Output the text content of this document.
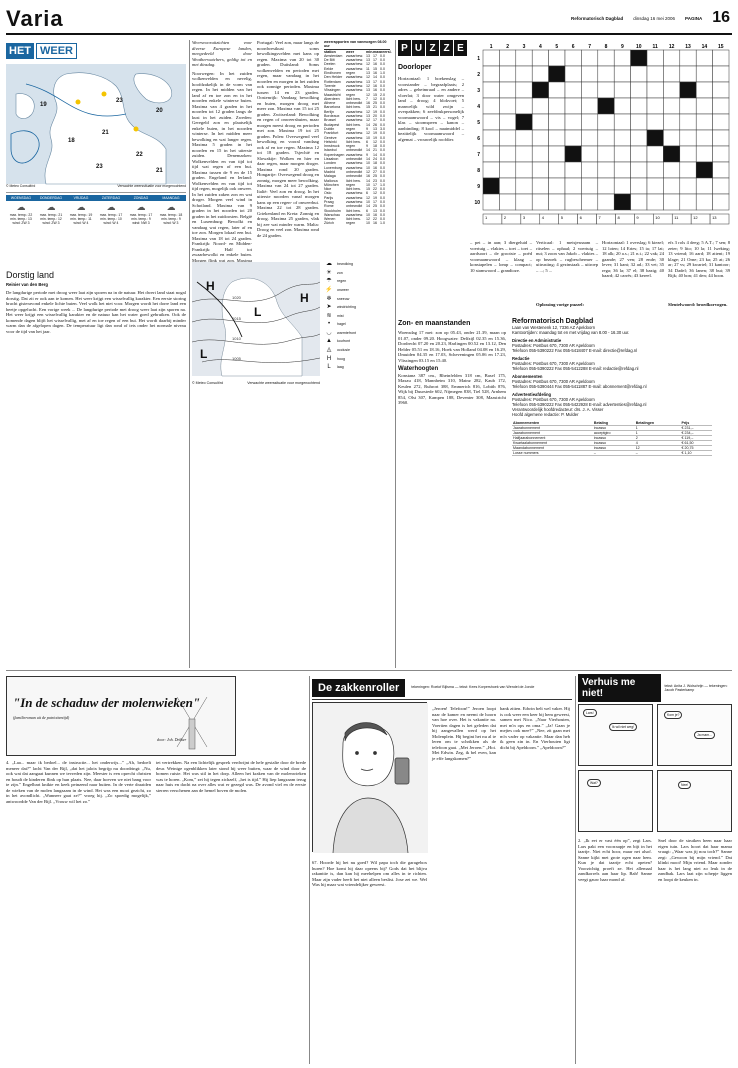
Varia	Reformatorisch Dagblad dinsdag 16 mei 2006 PAGINA 16
HET WEER
19
23
20
21
18
22
23
21
© Meteo Consult/rd	Verwachte weerssituatie voor morgenochtend
WOENSDAG
☁
max. temp.: 22
min. temp.: 13
wind: ZW 3
DONDERDAG
☁
max. temp.: 21
min. temp.: 12
wind: ZW 3
VRIJDAG
☁
max. temp.: 19
min. temp.: 11
wind: W 4
ZATERDAG
☁
max. temp.: 17
min. temp.: 10
wind: W 4
ZONDAG
☁
max. temp.: 17
min. temp.: 9
wind: NW 3
MAANDAG
☁
max. temp.: 18
min. temp.: 9
wind: W 3
Dorstig land
Reinier van den Berg
De langdurige periode met droog weer laat zijn sporen na in de natuur. Het dwert land staat nogal dorstig. Dat zit er ook aan te komen. Het weer krijgt een wisselvallig karakter. Een eerste storing bracht gisteravond enkele lichte buien. Veel wolk het niet voor. Morgen wordt het dorre land een beetje opgelucht. Een vorige week ... De langdurige periode met droog weer laat zijn sporen na. Het weer krijgt een wisselvallig karakter en de natuur kan het water goed gebruiken. Ook de komende dagen blijft het wisselvallig, met af en toe regen of een bui. Het wordt daarbij minder warm dan de afgelopen dagen. De temperatuur ligt dan rond of iets onder het normale niveau voor de tijd van het jaar.
Weersvooruitzichten voor diverse Europese landen, meegedeeld door Weatherwatchers, geldig tot en met dinsdag.
Noorwegen: In het zuiden wolkenvelden en nevelig, hoofdzakelijk in de vorm van regen. In het midden van het land af en toe zon en in het noorden enkele winterse buien. Maxima van 4 graden in het noorden tot 12 graden langs de kust in het zuiden. Zweden: Geregeld zon en plaatselijk enkele buien, in het noorden winterse. In het midden meer bewolking en wat langer regen. Maxima 5 graden in het noorden en 15 in het uiterste zuiden. Denemarken: Wolkenvelden en van tijd tot tijd wat regen of een bui. Maxima tussen de 9 en de 15 graden. Engeland en Ierland: Wolkenvelden en van tijd tot tijd regen, mogelijk ook onweer. In het zuiden zaken zon en wat droger. Morgen veel wind in Schotland. Maxima van 9 graden in het noorden tot 20 graden in het zuidoosten. België en Luxemburg: Bewolkt en vandaag wat regen, later af en toe zon. Morgen lokaal een bui. Maxima van 18 tot 24 graden. Frankrijk: Noord- en Midden-Frankrijk: Half tot zwaarbewolkt en enkele buien. Morgen flink wat zon. Maxima
Portugal: Veel zon, maar langs de noordwestkust soms bewolkingsvelden met kans op regen. Maxima van 20 tot 30 graden. Duitsland: Soms wolkenvelden en perioden met regen, maar vandaag in het noorden en morgen in het zuiden ook zonnige perioden. Maxima tussen 14 en 23 graden. Oostenrijk: Vandaag bewolking en buien, morgen droog met meer zon. Maxima van 15 tot 25 graden. Zwitserland: Bewolking en regen of onweersbuien, maar morgen meest droog en perioden met zon. Maxima 19 tot 25 graden. Polen: Overwegend veel bewolking en vooral vandaag ook af en toe regen. Maxima 12 tot 18 graden. Tsjechië en Slowakije: Wolken en hier en daar regen, maar morgen droger. Maxima rond 20 graden. Hongarije: Overwegend droog en zonnig, morgen meer bewolking. Maxima van 24 tot 27 graden. Italië: Veel zon en droog. In het uiterste noorden vanaf morgen kans op een regen- of onweerbui. Maxima 22 tot 28 graden. Griekenland en Kreta: Zonnig en droog. Maxima 25 graden, vlak bij zee wat minder warm. Malta: Droog en veel zon. Maxima rond de 24 graden.
weerrapporten van vanmorgen 08.00 uur
station	weer	min. max.
neersl.
Amsterdam	zwaarbew. 13 17 0.0
De Bilt	zwaarbew. 13 17 0.0
Deelen	zwaarbew. 12 16 0.0
Eelde	zwaarbew. 11 15 0.0
Eindhoven	regen	13 16 1.0
Den Helder	zwaarbew. 12 14 0.0
Rotterdam	zwaarbew. 13 17 0.0
Twente	zwaarbew. 12 16 0.0
Vlissingen	zwaarbew. 13 16 0.0
Maastricht	regen	12 15 2.0
Aberdeen	licht bew.	7	12 0.0
Athene	onbewolkt	16 25 0.0
Barcelona	licht bew.	15 21 0.0
Berlijn	zwaarbew. 12 19 0.0
Bordeaux	zwaarbew. 13 20 0.0
Brussel	zwaarbew. 12 17 0.0
Budapest	licht bew.	14 26 0.0
Dublin	regen	9	13 3.0
Frankfurt	zwaarbew. 12 19 0.0
Genève	zwaarbew. 10 19 0.0
Helsinki	licht bew.	6	12 0.0
Innsbruck	regen	9	18 0.0
Istanbul	onbewolkt	14 21 0.0
Kopenhagen zwaarbew. 9	14 0.0
Lissabon	onbewolkt	14 24 0.0
Londen	zwaarbew. 10 18 0.0
Luxemburg	zwaarbew. 10 16 0.0
Madrid	onbewolkt	12 27 0.0
Malaga	onbewolkt	16 25 0.0
Mallorca	licht bew.	14 23 0.0
München	regen	10 17 1.0
Nice	licht bew.	15 22 0.0
Oslo	zwaarbew. 6	12 0.0
Parijs	zwaarbew. 12 19 0.0
Praag	zwaarbew. 10 17 0.0
Rome	onbewolkt	14 25 0.0
Stockholm	licht bew.	6	13 0.0
Warschau	zwaarbew. 10 16 0.0
Wenen	licht bew.	12 22 0.0
Zürich	regen	10 16 1.0
H
L
L
H
1020
1015
1010
1005
© Meteo Consult/rd	Verwachte weerssituatie voor morgenochtend
☁	bewolking
☀	zon
☂	regen
⚡	onweer
❄	sneeuw
➤	windrichting
≋	mist
•	hagel
◡	warmtefront
▲	koufront
◬	occlusie
H	hoog
L	laag
P U Z Z E
Doorloper
Horizontaal: 1 boekenslag – voorstander – begraafplaats; 2 adres – geheimraad – en andere – vloerlat; 3 door water omgeven land – droog; 4 blokvoet; 5 manwelijk wild zwijn – overpakken; 6 zeefdrukpersonelijk voornaamwoord – vis – vogel; 7 klas – stoomspeen – kanon – aanbinding; 8 kool – naaimiddel – bezittelijk voornaamwoord – afgemat – vrouwelijk roofdier.
1	2	3	4	5	6	7	8	9 10 11 12 13 14 15
1
2
3
4
5
6
7
8
9
10
1	2	3	4	5	6	7	8	9	10	11	12	13
– pet – in aan; 3 diergeluid – voertuig – vlaktes – toet – toet – aardsoort – de grootste – poëd voornaamwoord – klaag – konstapelen – lomp – compact; 10 stamwoord – grandioze.
Verticaal: 1 meisjesnaam – ritselen – ophaal; 2 voertuig – nut; 3 zoon van Jakob – vlaktes – op bezoek – rugbeschermer – uitrusting; 4 gezinstaak – uitroep – ...; 5 ...
Horizontaal: 1 overslag; 6 kiezel; 12 loten; 14 Eries; 15 ia; 17 lat; 18 alk; 20 a.s.; 21 n.t.; 22 vak; 24 gaande; 27 ven; 28 ende; 30 lever; 31 kant; 32 ad.; 33 vet; 35 rega; 36 la; 37 el; 38 bazig; 40 baard; 42 carrés; 43 kereel.
efs 3 rols 4 deeg; 5 A.T.; 7 sen; 8 zeter; 9 lito; 10 la; 11 lweking; 13 vriend; 16 aard; 18 attent; 19 klage; 21 Orne; 23 ka; 25 at; 26 ar; 27 vs; 29 kwartel; 31 kantoor; 34 Dadel; 36 lanen; 38 bui; 39 Rijk; 40 bon; 41 den; 44 boon.
Oplossing vorige puzzel:	Sleutelwoord: broedkorvogen.
Zon- en maanstanden
Woensdag 17 mei: zon op 05.43, onder 21.39, maan op 01.07, onder 09.20. Hoogwater: Delfzijl 02.35 en 15.36, Dordrecht 07.20 en 20.23, Harlingen 00.52 en 13.12, Den Helder 05.51 en 18.16, Hoek van Holland 04.08 en 16.29, IJmuiden 04.35 en 17.03, Scheveningen 05.06 en 17.23, Vlissingen 03.15 en 15.40.
Waterhoogten
Konstanz 387 cm., Rheinfelden 318 cm, Basel 175, Maxau 418, Mannheim 310, Mainz 282, Kaub 172, Keulen 272, Ruhrort 388, Emmerich 816, Lobith 876, Wijk bij Duurstede 602, Nijmegen 838, Tiel 528, Arnhem 854, Olst 307, Kampen 188, Deventer 308, Maastricht 3960.
Reformatorisch Dagblad
Laan van Westenenk 12, 7336 AZ Apeldoorn
Kantoortijden: maandag tot en met vrijdag van 8.00 - 16.30 uur.
Directie en Administratie
Postadres: Postbus 670, 7300 AR Apeldoorn
Telefoon 055-5390222 Fax 055-5418407 E-mail: directie@refdag.nl
Redactie
Postadres: Postbus 670, 7300 AR Apeldoorn
Telefoon 055-5390222 Fax 055-5412288 E-mail: redactie@refdag.nl
Abonnementen
Postadres: Postbus 670, 7300 AR Apeldoorn
Telefoon 055-5390444 Fax 055-5411887 E-mail: abonnement@refdag.nl
Advertentieafdeling
Postadres: Postbus 670, 7300 AR Apeldoorn
Telefoon 055-5390222 Fax 055-5422928 E-mail: advertenties@refdag.nl
Verantwoordelijk hoofdredacteur: drs. J. A. Visser
Hoofd algemene redactie: P. Mulder
Abonnementen	Betaling	Betalingen	Prijs
Jaarabonnement	incasso	1	€ 231,–
Jaarabonnement	acceptgiro	1	€ 234,–
Halfjaarabonnement	incasso	2	€ 119,–
Kwartaalabonnement	incasso	4	€ 61,50
Maandabonnement	incasso	12	€ 20,75
Losse nummers	–	–	€ 1,10
"In de schaduw der molenwieken"
(familieroman uit de patriottentijd)
door: Joh. Dekker
4. „Laa... maar ik bedoel... de instructie... het onderwijs...” „Ah, bedoelt meneer dat?” lacht Van der Bijl, „dat het jaloix begrijp nu doordringt: „Nu, ook wat dat aangaat kunnen we tevreden zijn. Meester is een oprecht christen en houdt de kinderen flink op hun plaats. Nee, daar hoeven we niet bang voor te zijn.” Engelbart knikte en keek peinzend naar buiten. In de verte draaiden de wieken van de molen langzaam in de wind. Het was een mooi gezicht, zo in het avondlicht. „Wanneer gaat ze?” vroeg hij. „Zo spoedig mogelijk,” antwoordde Van der Bijl. „Vrouw wil het zo.”
tet vertrekken. Na een lichtelijk gesprek verdwijnt de hele gestalte door de brede deur. Weinige ogenblikken later stond hij weer buiten, waar de wind door de bomen ruiste. Het was stil in het dorp. Alleen het kraken van de molenwieken was te horen. „Kom,” zei hij tegen zichzelf, „het is tijd.” Hij liep langzaam terug naar huis en dacht na over alles wat er gezegd was. De avond viel en de eerste sterren verschenen aan de hemel boven de molen.
De zakkenroller	tekeningen: Roelof Bijlsma — tekst: Kees Korpershoek van Wendel de Jonde
67. Hoorde hij het nu goed? Wil papa toch die garagebox huren? Hoe komt hij daar opeens bij? Gods dat het blijva rakanttie is, dan kan hij meehelpen om alles in te richten. Maar zijn vader heeft het niet alleen beslist. Jose zei we. Wel Was hij maar wat vriendelijker geweest.
„Jeroen! Telefoon!” Jeroen loopt naar de kamer en neemt de hoorn van hoe over. Het is vakantie na. Voertien dagen is het geleden dat hij aangevallen werd op het Molenplein. Hij begint het nu al te leren om te schrikken als de telefoon gaat. „Met Jeroen.” „Hoi. Met Edwin. Zeg, ik bel even, kan je effe langskomen?”
bank zitten. Edwin belt wel vaker. Hij is ook weer een keer bij hem geweest, samen met Nico. „Naar Vierhouten, met m'n ops en oma.” „Ja! Gaan je mejtes ook mee?” „Nee, zit gaan met m'n vader op vakantie. Maar dan heb ik geen zin in. En Vierhouten ligt dicht bij Apeldoorn.” „Apeldoorn?”
Verhuis me niet!
tekst: Anita J. Wolschrijn — tekeningen: Jacob Pasterkamp
Lars!
Ik wil niet weg!
Kom je?
Ja mam...
Wat?	Nee!
2. „Ik eet er vast één op”, zegt Lars. Lars pakt een voorraapje en bijt in het taartje. Niet echt hoor, maar net alsof. Sanne kijkt met grote ogen naar hem. Kun je dat taartje echt opeten? Voorzichtig proeft ze. Het allemaal zandkorrels aan haar lip. Bah! Sanne veegt gauw haar mond af.
Snel door de struiken heen naar haar eigen tuin. Lars hoort dat haar mama vraagt: „Waar was jij nou toch?” Sanne zegt: „Gewoon bij mijn vriend.” Dat klinkt mooi! Mijn vriend. Maar zonder haar is het lang niet zo leuk in de zandbak. Lars laat zijn schepje liggen en loopt de keuken in.
